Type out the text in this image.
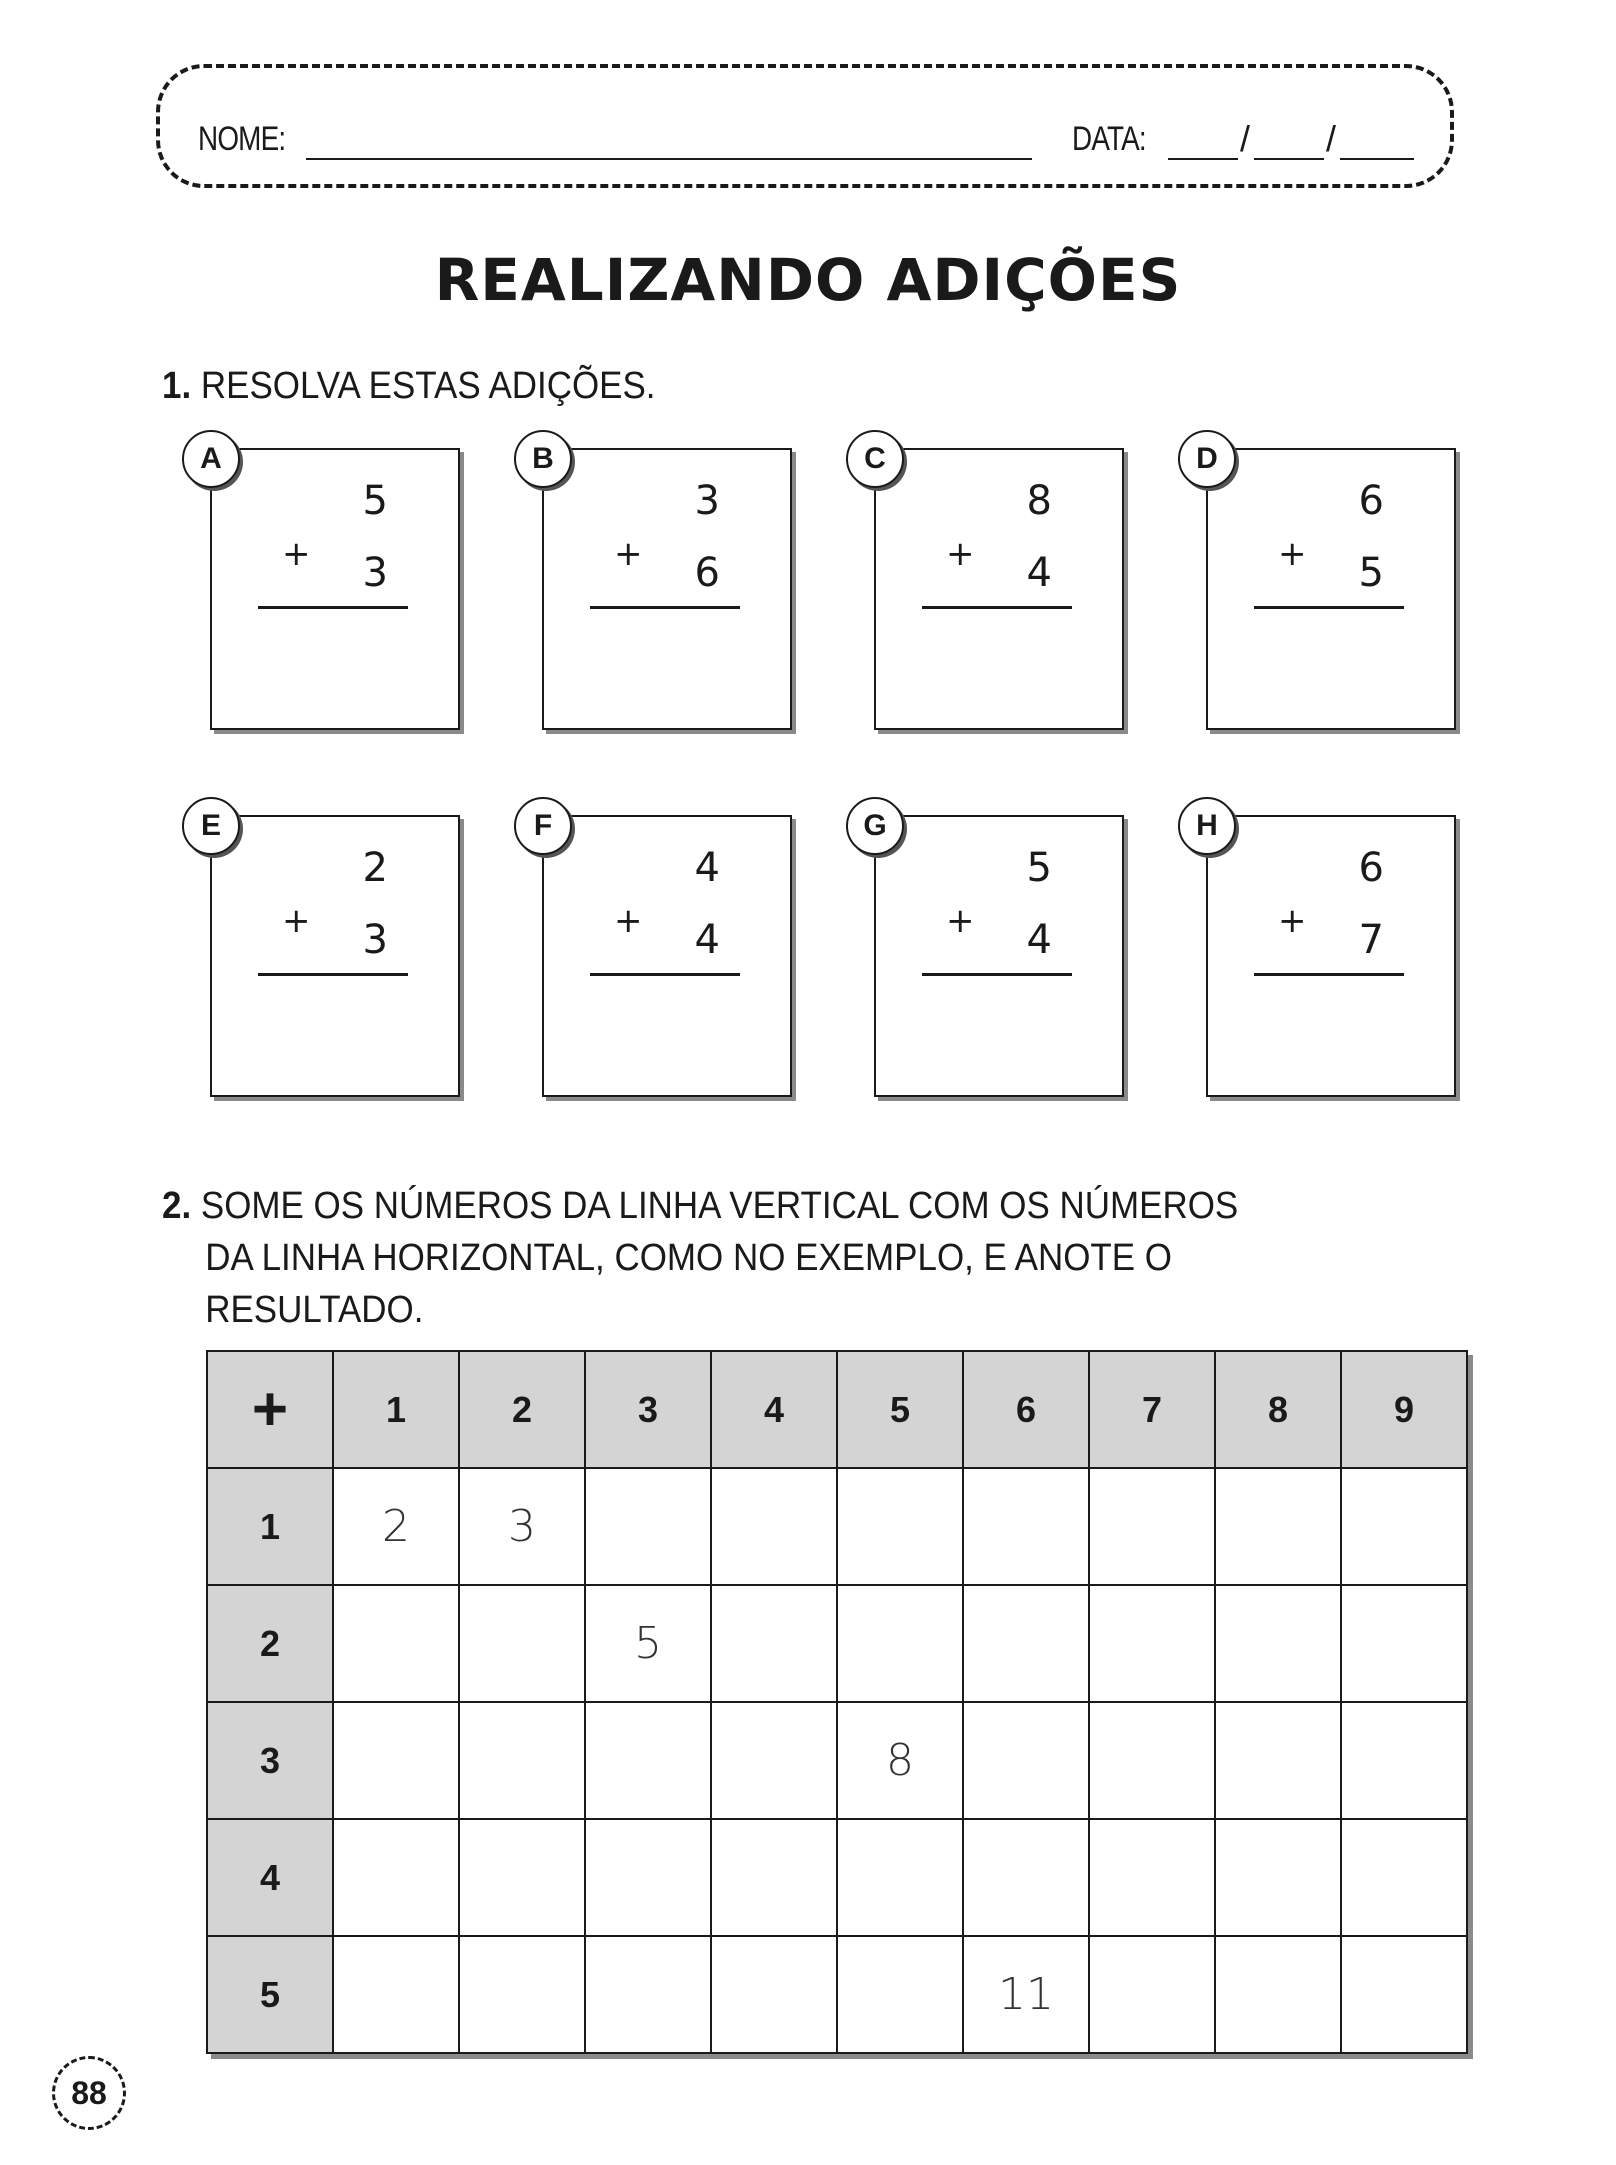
NOME:	DATA:	/ /
REALIZANDO ADIÇÕES
1. RESOLVA ESTAS ADIÇÕES.
A
5
+	3
B
3
+	6
C
8
+	4
D
6
+	5
E
2
+	3
F
4
+	4
G
5
+	4
H
6
+	7
2. SOME OS NÚMEROS DA LINHA VERTICAL COM OS NÚMEROS
DA LINHA HORIZONTAL, COMO NO EXEMPLO, E ANOTE O
RESULTADO.
+	1	2	3	4	5	6	7	8	9
1	2	3							
2			5						
3					8				
4									
5						11			
88
